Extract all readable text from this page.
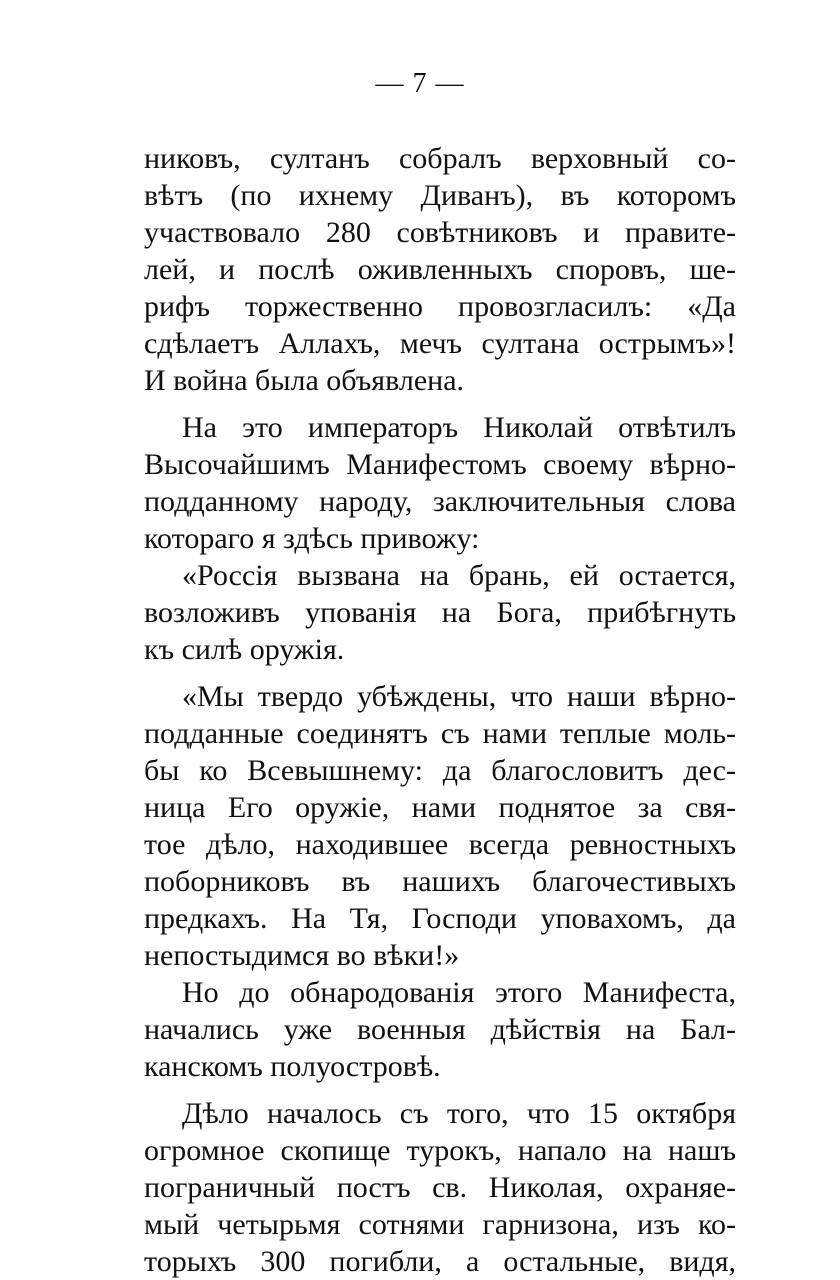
— 7 —
никовъ, султанъ собралъ верховный со-
вѣтъ (по ихнему Диванъ), въ которомъ
участвовало 280 совѣтниковъ и правите-
лей, и послѣ оживленныхъ споровъ, ше-
рифъ торжественно провозгласилъ: «Да
сдѣлаетъ Аллахъ, мечъ султана острымъ»!
И война была объявлена.
На это императоръ Николай отвѣтилъ
Высочайшимъ Манифестомъ своему вѣрно-
подданному народу, заключительныя слова
котораго я здѣсь привожу:
«Россія вызвана на брань, ей остается,
возложивъ упованія на Бога, прибѣгнуть
къ силѣ оружія.
«Мы твердо убѣждены, что наши вѣрно-
подданные соединятъ съ нами теплые моль-
бы ко Всевышнему: да благословитъ дес-
ница Его оружіе, нами поднятое за свя-
тое дѣло, находившее всегда ревностныхъ
поборниковъ въ нашихъ благочестивыхъ
предкахъ. На Тя, Господи уповахомъ, да
непостыдимся во вѣки!»
Но до обнародованія этого Манифеста,
начались уже военныя дѣйствія на Бал-
канскомъ полуостровѣ.
Дѣло началось съ того, что 15 октября
огромное скопище турокъ, напало на нашъ
пограничный постъ св. Николая, охраняе-
мый четырьмя сотнями гарнизона, изъ ко-
торыхъ 300 погибли, а остальные, видя,
